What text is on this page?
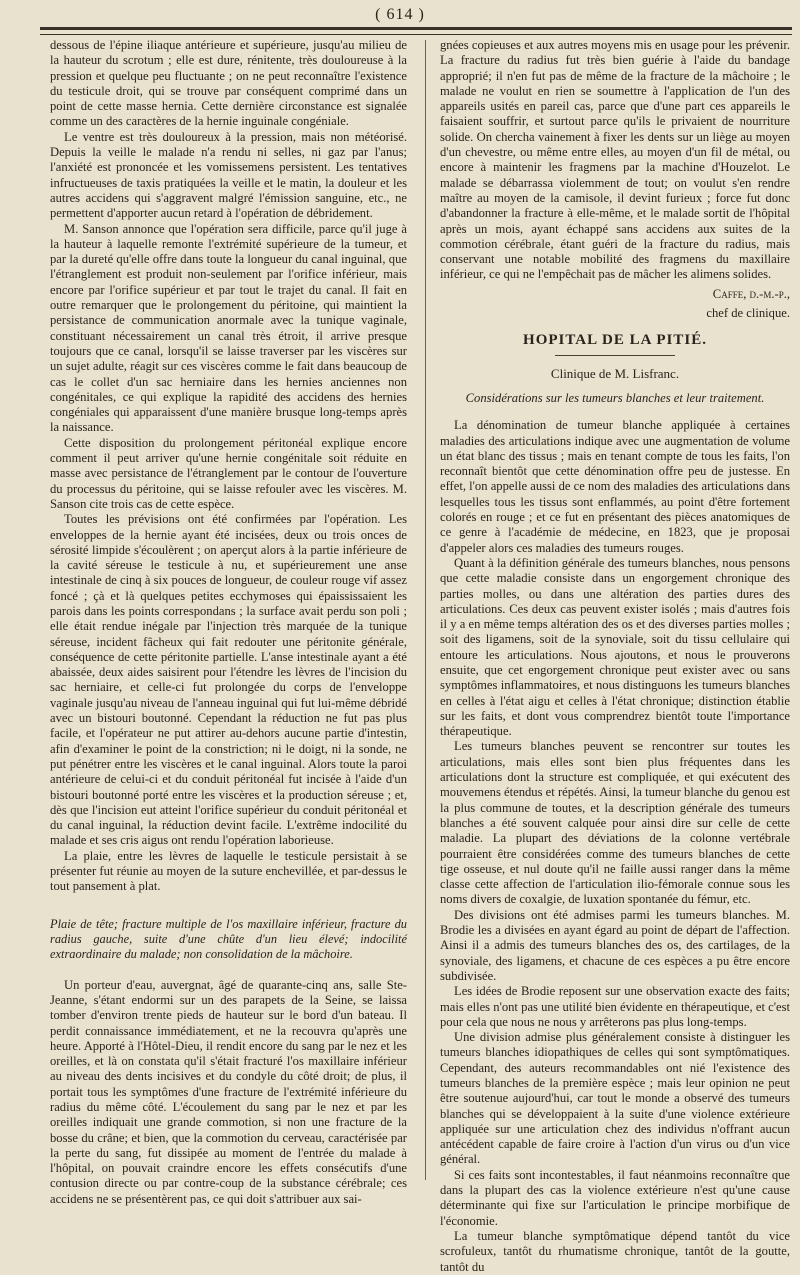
( 614 )

dessous de l'épine iliaque antérieure et supérieure, jusqu'au milieu de la hauteur du scrotum ; elle est dure, rénitente, très douloureuse à la pression et quelque peu fluctuante ; on ne peut reconnaître l'existence du testicule droit, qui se trouve par conséquent comprimé dans un point de cette masse hernia. Cette dernière circonstance est signalée comme un des caractères de la hernie inguinale congéniale.

Le ventre est très douloureux à la pression, mais non météorisé. Depuis la veille le malade n'a rendu ni selles, ni gaz par l'anus; l'anxiété est prononcée et les vomissemens persistent. Les tentatives infructueuses de taxis pratiquées la veille et le matin, la douleur et les autres accidens qui s'aggravent malgré l'émission sanguine, etc., ne permettent d'apporter aucun retard à l'opération de débridement.

M. Sanson annonce que l'opération sera difficile, parce qu'il juge à la hauteur à laquelle remonte l'extrémité supérieure de la tumeur, et par la dureté qu'elle offre dans toute la longueur du canal inguinal, que l'étranglement est produit non-seulement par l'orifice inférieur, mais encore par l'orifice supérieur et par tout le trajet du canal. Il fait en outre remarquer que le prolongement du péritoine, qui maintient la persistance de communication anormale avec la tunique vaginale, constituant nécessairement un canal très étroit, il arrive presque toujours que ce canal, lorsqu'il se laisse traverser par les viscères sur un sujet adulte, réagit sur ces viscères comme le fait dans beaucoup de cas le collet d'un sac herniaire dans les hernies anciennes non congénitales, ce qui explique la rapidité des accidens des hernies congéniales qui apparaissent d'une manière brusque long-temps après la naissance.

Cette disposition du prolongement péritonéal explique encore comment il peut arriver qu'une hernie congénitale soit réduite en masse avec persistance de l'étranglement par le contour de l'ouverture du processus du péritoine, qui se laisse refouler avec les viscères. M. Sanson cite trois cas de cette espèce.

Toutes les prévisions ont été confirmées par l'opération. Les enveloppes de la hernie ayant été incisées, deux ou trois onces de sérosité limpide s'écoulèrent ; on aperçut alors à la partie inférieure de la cavité séreuse le testicule à nu, et supérieurement une anse intestinale de cinq à six pouces de longueur, de couleur rouge vif assez foncé ; çà et là quelques petites ecchymoses qui épaississaient les parois dans les points correspondans ; la surface avait perdu son poli ; elle était rendue inégale par l'injection très marquée de la tunique séreuse, incident fâcheux qui fait redouter une péritonite générale, conséquence de cette péritonite partielle. L'anse intestinale ayant a été abaissée, deux aides saisirent pour l'étendre les lèvres de l'incision du sac herniaire, et celle-ci fut prolongée du corps de l'enveloppe vaginale jusqu'au niveau de l'anneau inguinal qui fut lui-même débridé avec un bistouri boutonné. Cependant la réduction ne fut pas plus facile, et l'opérateur ne put attirer au-dehors aucune partie d'intestin, afin d'examiner le point de la constriction; ni le doigt, ni la sonde, ne put pénétrer entre les viscères et le canal inguinal. Alors toute la paroi antérieure de celui-ci et du conduit péritonéal fut incisée à l'aide d'un bistouri boutonné porté entre les viscères et la production séreuse ; et, dès que l'incision eut atteint l'orifice supérieur du conduit péritonéal et du canal inguinal, la réduction devint facile. L'extrême indocilité du malade et ses cris aigus ont rendu l'opération laborieuse.

La plaie, entre les lèvres de laquelle le testicule persistait à se présenter fut réunie au moyen de la suture enchevillée, et par-dessus le tout pansement à plat.

Plaie de tête; fracture multiple de l'os maxillaire inférieur, fracture du radius gauche, suite d'une chûte d'un lieu élevé; indocilité extraordinaire du malade; non consolidation de la mâchoire.

Un porteur d'eau, auvergnat, âgé de quarante-cinq ans, salle Ste-Jeanne, s'étant endormi sur un des parapets de la Seine, se laissa tomber d'environ trente pieds de hauteur sur le bord d'un bateau. Il perdit connaissance immédiatement, et ne la recouvra qu'après une heure. Apporté à l'Hôtel-Dieu, il rendit encore du sang par le nez et les oreilles, et là on constata qu'il s'était fracturé l'os maxillaire inférieur au niveau des dents incisives et du condyle du côté droit; de plus, il portait tous les symptômes d'une fracture de l'extrémité inférieure du radius du même côté. L'écoulement du sang par le nez et par les oreilles indiquait une grande commotion, si non une fracture de la bosse du crâne; et bien, que la commotion du cerveau, caractérisée par la perte du sang, fut dissipée au moment de l'entrée du malade à l'hôpital, on pouvait craindre encore les effets consécutifs d'une contusion directe ou par contre-coup de la substance cérébrale; ces accidens ne se présentèrent pas, ce qui doit s'attribuer aux sai-

gnées copieuses et aux autres moyens mis en usage pour les prévenir. La fracture du radius fut très bien guérie à l'aide du bandage approprié; il n'en fut pas de même de la fracture de la mâchoire ; le malade ne voulut en rien se soumettre à l'application de l'un des appareils usités en pareil cas, parce que d'une part ces appareils le faisaient souffrir, et surtout parce qu'ils le privaient de nourriture solide. On chercha vainement à fixer les dents sur un liège au moyen d'un chevestre, ou même entre elles, au moyen d'un fil de métal, ou encore à maintenir les fragmens par la machine d'Houzelot. Le malade se débarrassa violemment de tout; on voulut s'en rendre maître au moyen de la camisole, il devint furieux ; force fut donc d'abandonner la fracture à elle-même, et le malade sortit de l'hôpital après un mois, ayant échappé sans accidens aux suites de la commotion cérébrale, étant guéri de la fracture du radius, mais conservant une notable mobilité des fragmens du maxillaire inférieur, ce qui ne l'empêchait pas de mâcher les alimens solides.

Caffe, d.-m.-p.,

chef de clinique.

HOPITAL DE LA PITIÉ.

Clinique de M. Lisfranc.

Considérations sur les tumeurs blanches et leur traitement.

La dénomination de tumeur blanche appliquée à certaines maladies des articulations indique avec une augmentation de volume un état blanc des tissus ; mais en tenant compte de tous les faits, l'on reconnaît bientôt que cette dénomination offre peu de justesse. En effet, l'on appelle aussi de ce nom des maladies des articulations dans lesquelles tous les tissus sont enflammés, au point d'être fortement colorés en rouge ; et ce fut en présentant des pièces anatomiques de ce genre à l'académie de médecine, en 1823, que je proposai d'appeler alors ces maladies des tumeurs rouges.

Quant à la définition générale des tumeurs blanches, nous pensons que cette maladie consiste dans un engorgement chronique des parties molles, ou dans une altération des parties dures des articulations. Ces deux cas peuvent exister isolés ; mais d'autres fois il y a en même temps altération des os et des diverses parties molles ; soit des ligamens, soit de la synoviale, soit du tissu cellulaire qui entoure les articulations. Nous ajoutons, et nous le prouverons ensuite, que cet engorgement chronique peut exister avec ou sans symptômes inflammatoires, et nous distinguons les tumeurs blanches en celles à l'état aigu et celles à l'état chronique; distinction établie sur les faits, et dont vous comprendrez bientôt toute l'importance thérapeutique.

Les tumeurs blanches peuvent se rencontrer sur toutes les articulations, mais elles sont bien plus fréquentes dans les articulations dont la structure est compliquée, et qui exécutent des mouvemens étendus et répétés. Ainsi, la tumeur blanche du genou est la plus commune de toutes, et la description générale des tumeurs blanches a été souvent calquée pour ainsi dire sur celle de cette maladie. La plupart des déviations de la colonne vertébrale pourraient être considérées comme des tumeurs blanches de cette tige osseuse, et nul doute qu'il ne faille aussi ranger dans la même classe cette affection de l'articulation ilio-fémorale connue sous les noms divers de coxalgie, de luxation spontanée du fémur, etc.

Des divisions ont été admises parmi les tumeurs blanches. M. Brodie les a divisées en ayant égard au point de départ de l'affection. Ainsi il a admis des tumeurs blanches des os, des cartilages, de la synoviale, des ligamens, et chacune de ces espèces a pu être encore subdivisée.

Les idées de Brodie reposent sur une observation exacte des faits; mais elles n'ont pas une utilité bien évidente en thérapeutique, et c'est pour cela que nous ne nous y arrêterons pas plus long-temps.

Une division admise plus généralement consiste à distinguer les tumeurs blanches idiopathiques de celles qui sont symptômatiques. Cependant, des auteurs recommandables ont nié l'existence des tumeurs blanches de la première espèce ; mais leur opinion ne peut être soutenue aujourd'hui, car tout le monde a observé des tumeurs blanches qui se développaient à la suite d'une violence extérieure appliquée sur une articulation chez des individus n'offrant aucun antécédent capable de faire croire à l'action d'un virus ou d'un vice général.

Si ces faits sont incontestables, il faut néanmoins reconnaître que dans la plupart des cas la violence extérieure n'est qu'une cause déterminante qui fixe sur l'articulation le principe morbifique de l'économie.

La tumeur blanche symptômatique dépend tantôt du vice scrofuleux, tantôt du rhumatisme chronique, tantôt de la goutte, tantôt du
